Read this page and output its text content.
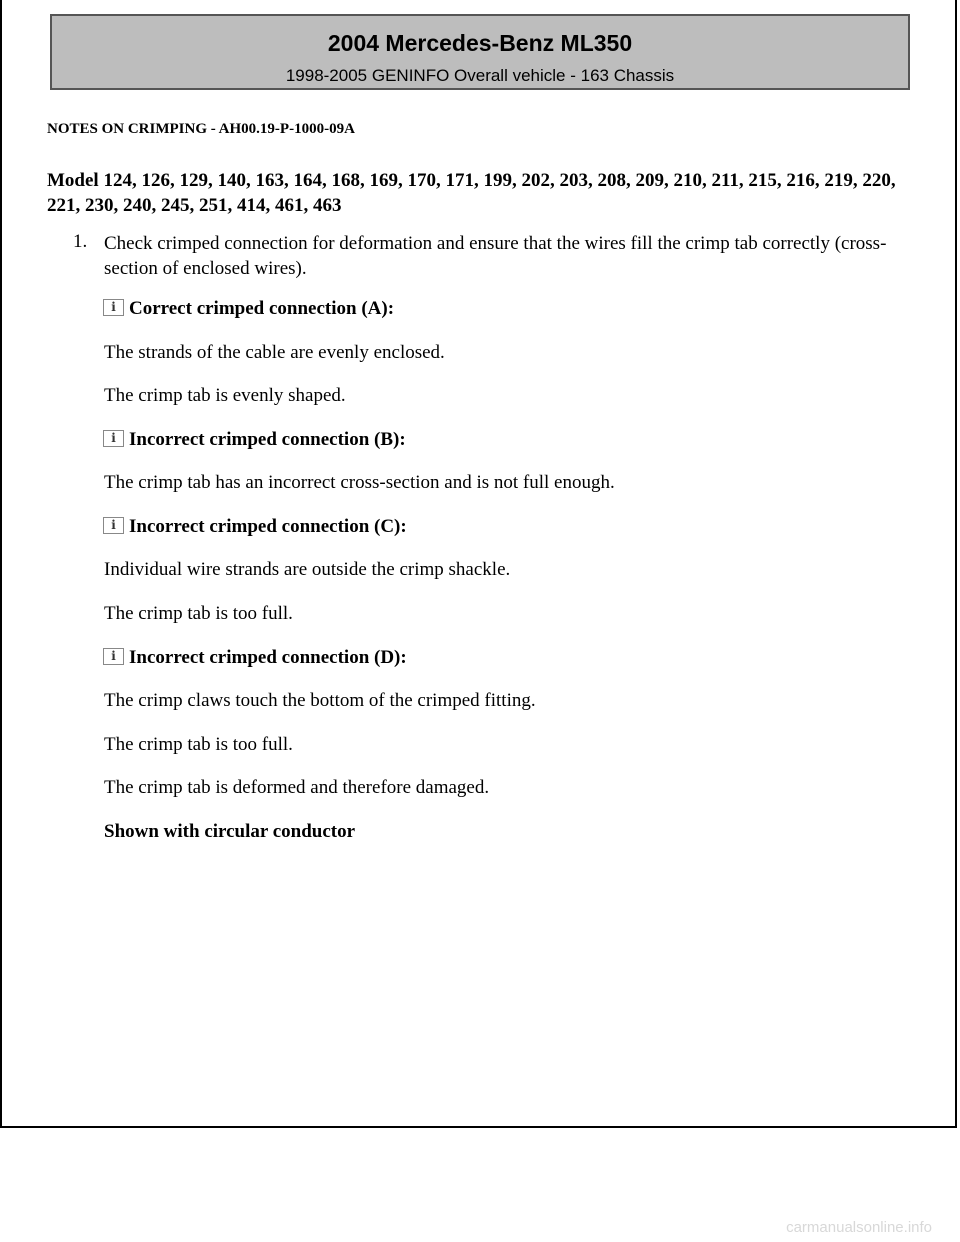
2004 Mercedes-Benz ML350
1998-2005 GENINFO Overall vehicle - 163 Chassis
NOTES ON CRIMPING - AH00.19-P-1000-09A
Model 124, 126, 129, 140, 163, 164, 168, 169, 170, 171, 199, 202, 203, 208, 209, 210, 211, 215, 216, 219, 220, 221, 230, 240, 245, 251, 414, 461, 463
1. Check crimped connection for deformation and ensure that the wires fill the crimp tab correctly (cross-section of enclosed wires).
i Correct crimped connection (A):
The strands of the cable are evenly enclosed.
The crimp tab is evenly shaped.
i Incorrect crimped connection (B):
The crimp tab has an incorrect cross-section and is not full enough.
i Incorrect crimped connection (C):
Individual wire strands are outside the crimp shackle.
The crimp tab is too full.
i Incorrect crimped connection (D):
The crimp claws touch the bottom of the crimped fitting.
The crimp tab is too full.
The crimp tab is deformed and therefore damaged.
Shown with circular conductor
carmanualsonline.info
